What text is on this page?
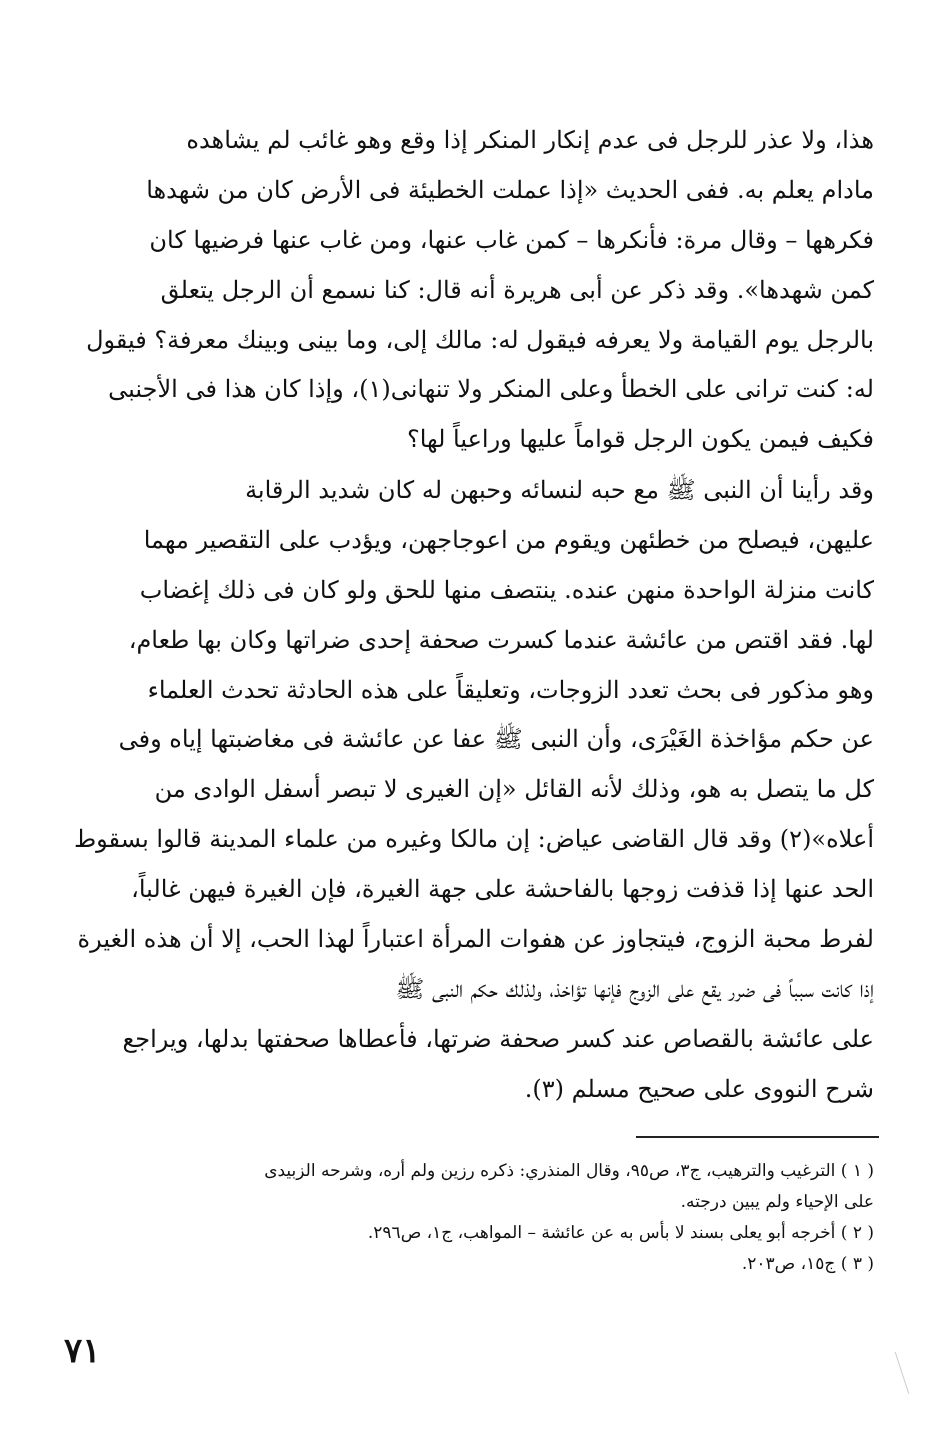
هذا، ولا عذر للرجل فى عدم إنكار المنكر إذا وقع وهو غائب لم يشاهده
مادام يعلم به. ففى الحديث «إذا عملت الخطيئة فى الأرض كان من شهدها
فكرهها – وقال مرة: فأنكرها – كمن غاب عنها، ومن غاب عنها فرضيها كان
كمن شهدها». وقد ذكر عن أبى هريرة أنه قال: كنا نسمع أن الرجل يتعلق
بالرجل يوم القيامة ولا يعرفه فيقول له: مالك إلى، وما بينى وبينك معرفة؟ فيقول
له: كنت ترانى على الخطأ وعلى المنكر ولا تنهانى(١)، وإذا كان هذا فى الأجنبى
فكيف فيمن يكون الرجل قواماً عليها وراعياً لها؟
وقد رأينا أن النبى ﷺ مع حبه لنسائه وحبهن له كان شديد الرقابة
عليهن، فيصلح من خطئهن ويقوم من اعوجاجهن، ويؤدب على التقصير مهما
كانت منزلة الواحدة منهن عنده. ينتصف منها للحق ولو كان فى ذلك إغضاب
لها. فقد اقتص من عائشة عندما كسرت صحفة إحدى ضراتها وكان بها طعام،
وهو مذكور فى بحث تعدد الزوجات، وتعليقاً على هذه الحادثة تحدث العلماء
عن حكم مؤاخذة الغَيْرَى، وأن النبى ﷺ عفا عن عائشة فى مغاضبتها إياه وفى
كل ما يتصل به هو، وذلك لأنه القائل «إن الغيرى لا تبصر أسفل الوادى من
أعلاه»(٢) وقد قال القاضى عياض: إن مالكا وغيره من علماء المدينة قالوا بسقوط
الحد عنها إذا قذفت زوجها بالفاحشة على جهة الغيرة، فإن الغيرة فيهن غالباً،
لفرط محبة الزوج، فيتجاوز عن هفوات المرأة اعتباراً لهذا الحب، إلا أن هذه الغيرة
إذا كانت سبباً فى ضرر يقع على الزوج فإنها تؤاخذ، ولذلك حكم النبى ﷺ
على عائشة بالقصاص عند كسر صحفة ضرتها، فأعطاها صحفتها بدلها، ويراجع
شرح النووى على صحيح مسلم (٣).
( ١ ) الترغيب والترهيب، ج٣، ص٩٥، وقال المنذري: ذكره رزين ولم أره، وشرحه الزبيدى
على الإحياء ولم يبين درجته.
( ٢ ) أخرجه أبو يعلى بسند لا بأس به عن عائشة – المواهب، ج١، ص٢٩٦.
( ٣ ) ج١٥، ص٢٠٣.
٧١
